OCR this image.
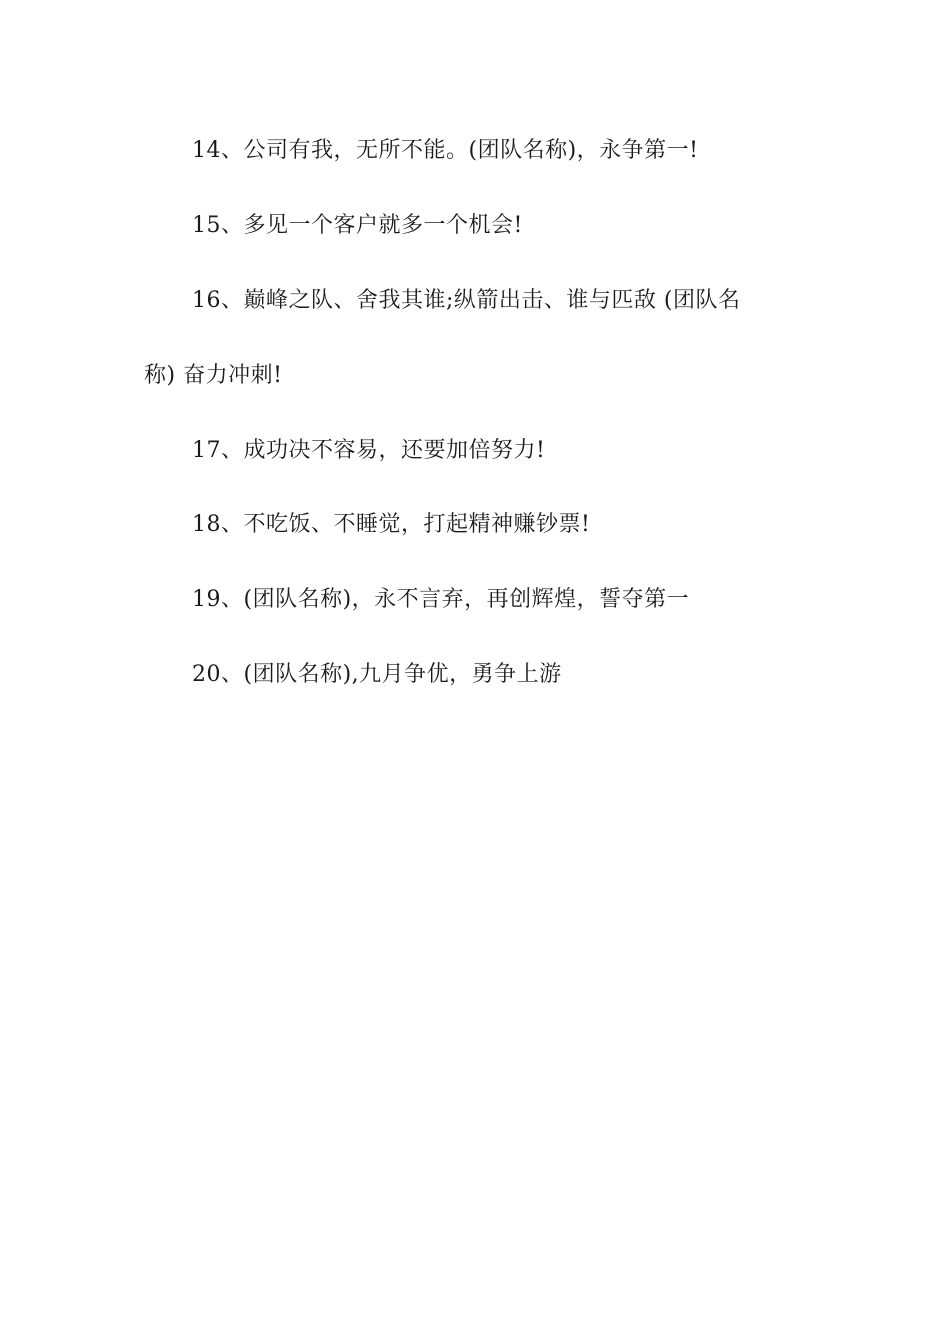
14、公司有我，无所不能。(团队名称)，永争第一!
15、多见一个客户就多一个机会!
16、巅峰之队、舍我其谁;纵箭出击、谁与匹敌 (团队名
称) 奋力冲刺!
17、成功决不容易，还要加倍努力!
18、不吃饭、不睡觉，打起精神赚钞票!
19、(团队名称)，永不言弃，再创辉煌，誓夺第一
20、(团队名称),九月争优，勇争上游
